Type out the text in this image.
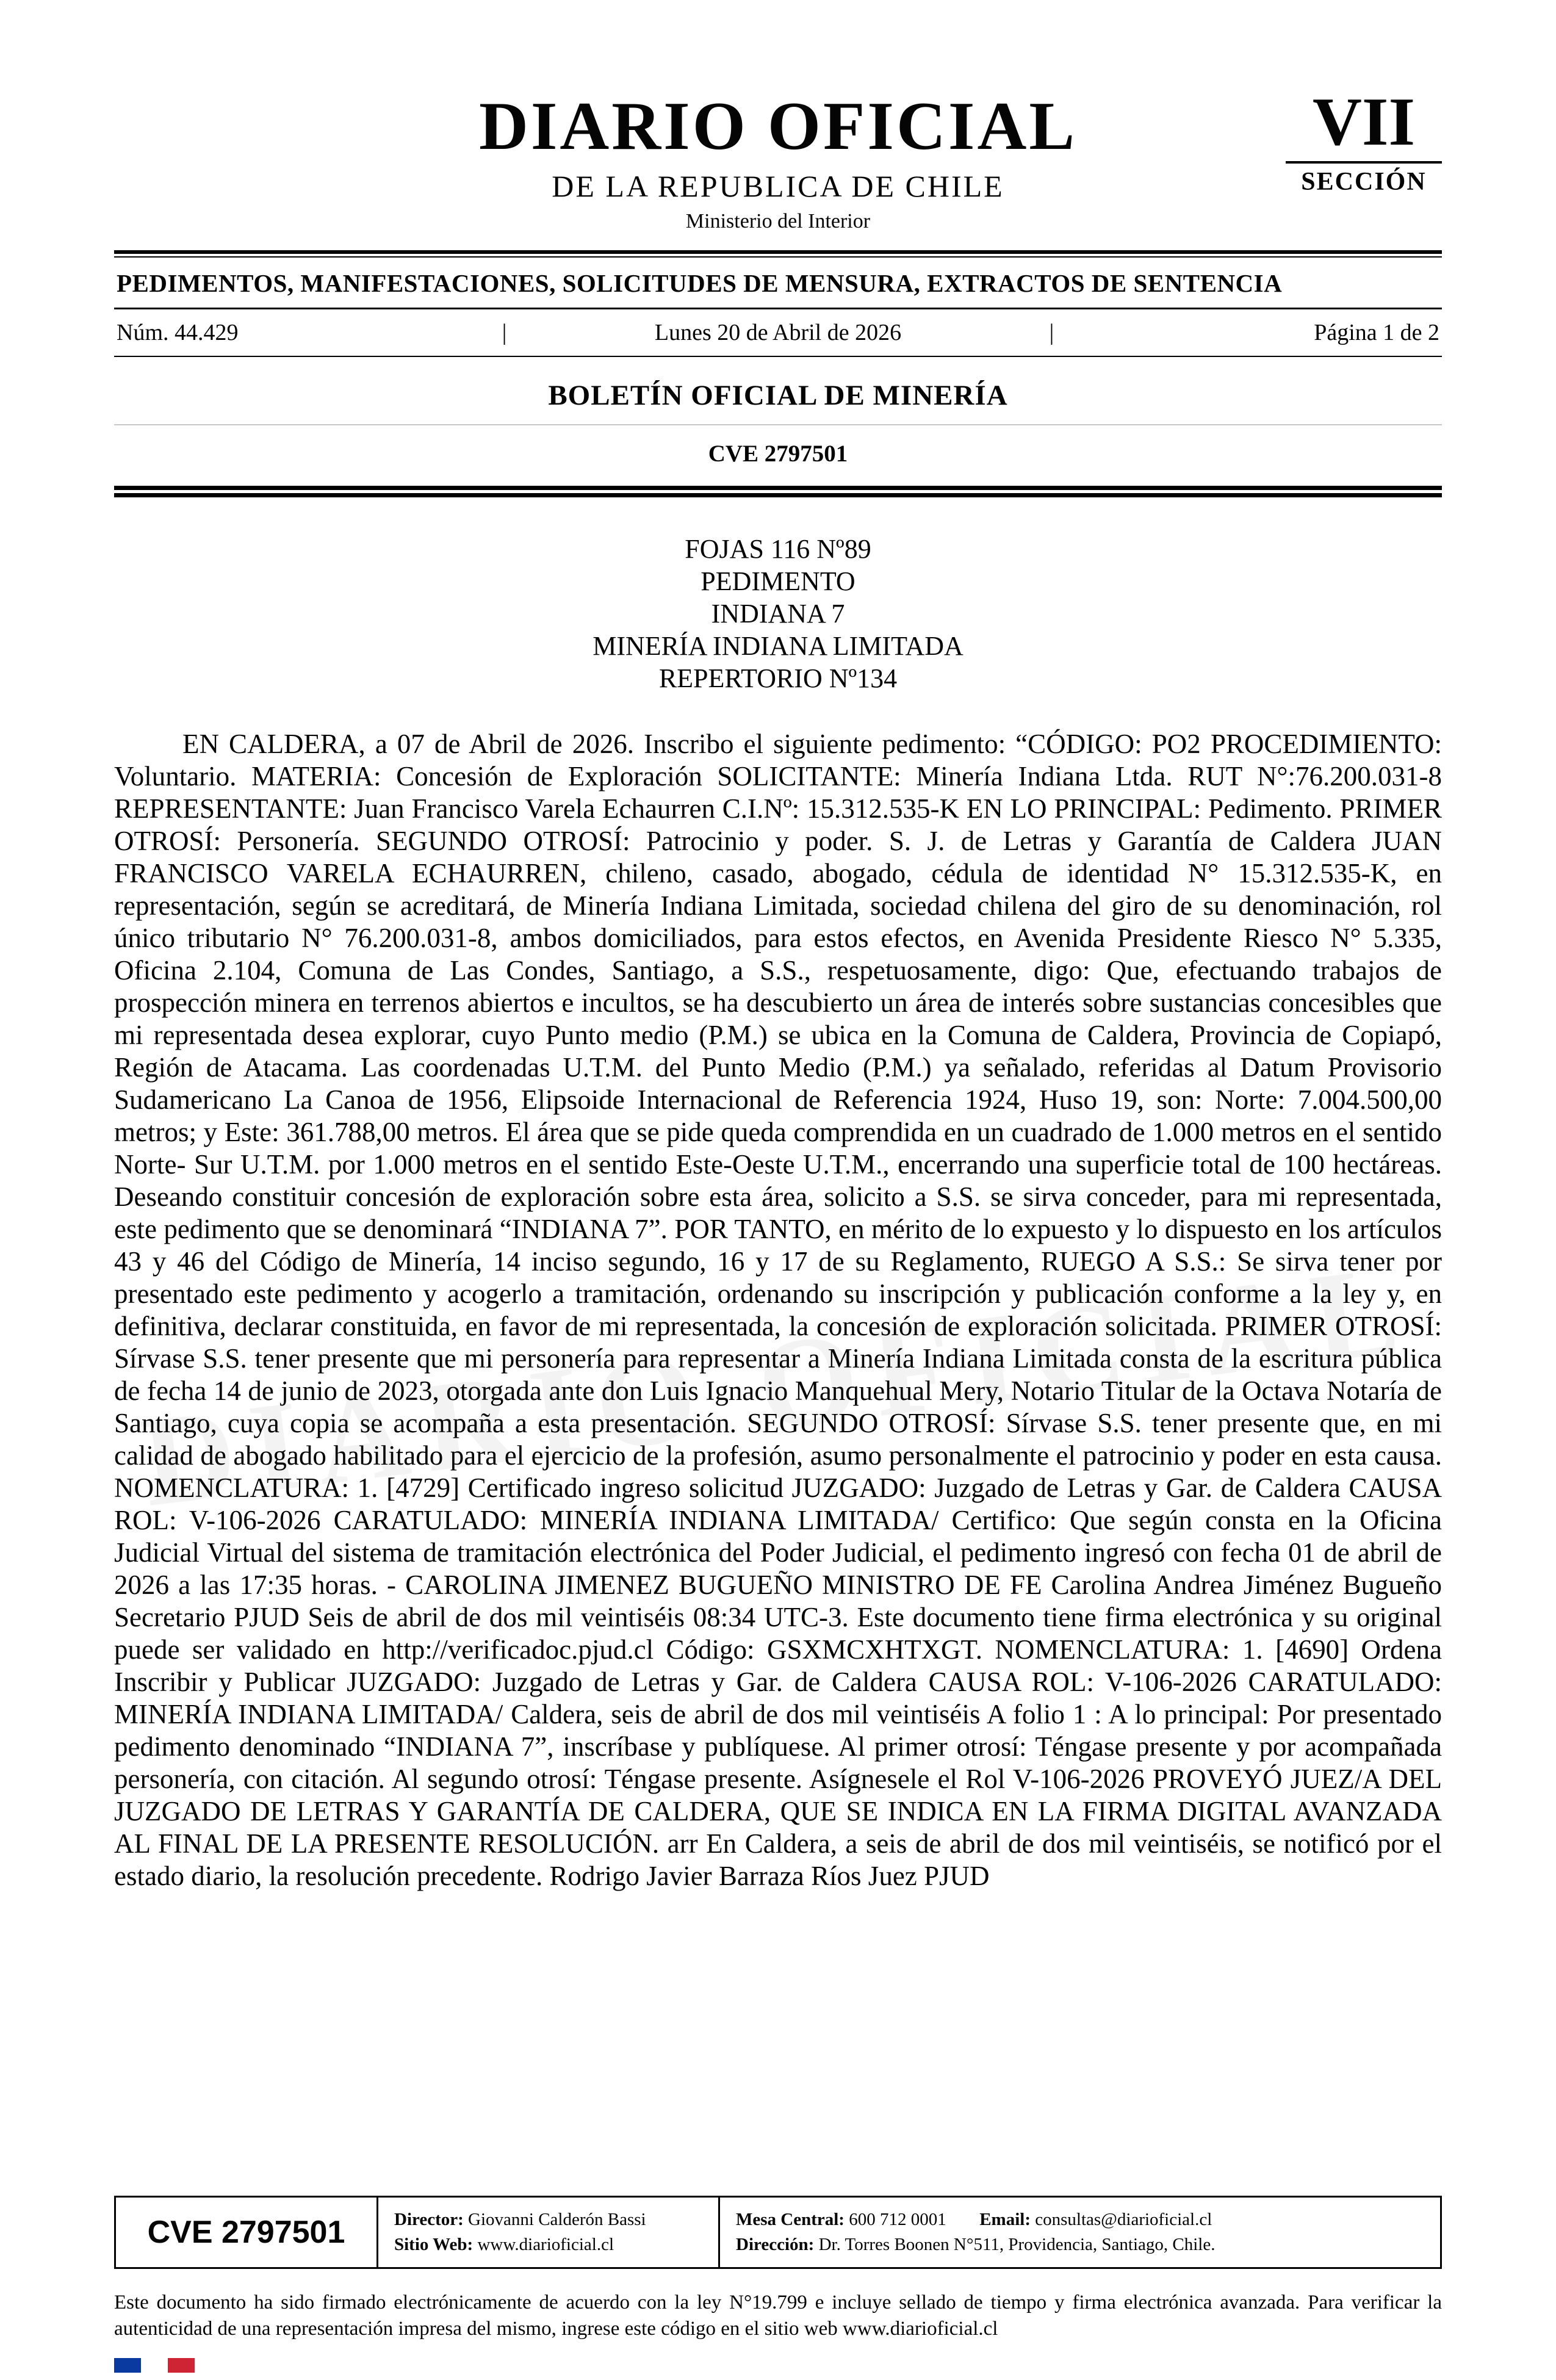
DIARIO OFICIAL
DE LA REPUBLICA DE CHILE
Ministerio del Interior
VII
SECCIÓN
PEDIMENTOS, MANIFESTACIONES, SOLICITUDES DE MENSURA, EXTRACTOS DE SENTENCIA
Núm. 44.429	|	Lunes 20 de Abril de 2026	|	Página 1 de 2
BOLETÍN OFICIAL DE MINERÍA
CVE 2797501
FOJAS 116 Nº89
PEDIMENTO
INDIANA 7
MINERÍA INDIANA LIMITADA
REPERTORIO Nº134

EN CALDERA, a 07 de Abril de 2026. Inscribo el siguiente pedimento: “CÓDIGO: PO2 PROCEDIMIENTO: Voluntario. MATERIA: Concesión de Exploración SOLICITANTE: Minería Indiana Ltda. RUT N°:76.200.031-8 REPRESENTANTE: Juan Francisco Varela Echaurren C.I.Nº: 15.312.535-K EN LO PRINCIPAL: Pedimento. PRIMER OTROSÍ: Personería. SEGUNDO OTROSÍ: Patrocinio y poder. S. J. de Letras y Garantía de Caldera JUAN FRANCISCO VARELA ECHAURREN, chileno, casado, abogado, cédula de identidad N° 15.312.535-K, en representación, según se acreditará, de Minería Indiana Limitada, sociedad chilena del giro de su denominación, rol único tributario N° 76.200.031-8, ambos domiciliados, para estos efectos, en Avenida Presidente Riesco N° 5.335, Oficina 2.104, Comuna de Las Condes, Santiago, a S.S., respetuosamente, digo: Que, efectuando trabajos de prospección minera en terrenos abiertos e incultos, se ha descubierto un área de interés sobre sustancias concesibles que mi representada desea explorar, cuyo Punto medio (P.M.) se ubica en la Comuna de Caldera, Provincia de Copiapó, Región de Atacama. Las coordenadas U.T.M. del Punto Medio (P.M.) ya señalado, referidas al Datum Provisorio Sudamericano La Canoa de 1956, Elipsoide Internacional de Referencia 1924, Huso 19, son: Norte: 7.004.500,00 metros; y Este: 361.788,00 metros. El área que se pide queda comprendida en un cuadrado de 1.000 metros en el sentido Norte- Sur U.T.M. por 1.000 metros en el sentido Este-Oeste U.T.M., encerrando una superficie total de 100 hectáreas. Deseando constituir concesión de exploración sobre esta área, solicito a S.S. se sirva conceder, para mi representada, este pedimento que se denominará “INDIANA 7”. POR TANTO, en mérito de lo expuesto y lo dispuesto en los artículos 43 y 46 del Código de Minería, 14 inciso segundo, 16 y 17 de su Reglamento, RUEGO A S.S.: Se sirva tener por presentado este pedimento y acogerlo a tramitación, ordenando su inscripción y publicación conforme a la ley y, en definitiva, declarar constituida, en favor de mi representada, la concesión de exploración solicitada. PRIMER OTROSÍ: Sírvase S.S. tener presente que mi personería para representar a Minería Indiana Limitada consta de la escritura pública de fecha 14 de junio de 2023, otorgada ante don Luis Ignacio Manquehual Mery, Notario Titular de la Octava Notaría de Santiago, cuya copia se acompaña a esta presentación. SEGUNDO OTROSÍ: Sírvase S.S. tener presente que, en mi calidad de abogado habilitado para el ejercicio de la profesión, asumo personalmente el patrocinio y poder en esta causa. NOMENCLATURA: 1. [4729] Certificado ingreso solicitud JUZGADO: Juzgado de Letras y Gar. de Caldera CAUSA ROL: V-106-2026 CARATULADO: MINERÍA INDIANA LIMITADA/ Certifico: Que según consta en la Oficina Judicial Virtual del sistema de tramitación electrónica del Poder Judicial, el pedimento ingresó con fecha 01 de abril de 2026 a las 17:35 horas. - CAROLINA JIMENEZ BUGUEÑO MINISTRO DE FE Carolina Andrea Jiménez Bugueño Secretario PJUD Seis de abril de dos mil veintiséis 08:34 UTC-3. Este documento tiene firma electrónica y su original puede ser validado en http://verificadoc.pjud.cl Código: GSXMCXHTXGT. NOMENCLATURA: 1. [4690] Ordena Inscribir y Publicar JUZGADO: Juzgado de Letras y Gar. de Caldera CAUSA ROL: V-106-2026 CARATULADO: MINERÍA INDIANA LIMITADA/ Caldera, seis de abril de dos mil veintiséis A folio 1 : A lo principal: Por presentado pedimento denominado “INDIANA 7”, inscríbase y publíquese. Al primer otrosí: Téngase presente y por acompañada personería, con citación. Al segundo otrosí: Téngase presente. Asígnesele el Rol V-106-2026 PROVEYÓ JUEZ/A DEL JUZGADO DE LETRAS Y GARANTÍA DE CALDERA, QUE SE INDICA EN LA FIRMA DIGITAL AVANZADA AL FINAL DE LA PRESENTE RESOLUCIÓN. arr En Caldera, a seis de abril de dos mil veintiséis, se notificó por el estado diario, la resolución precedente. Rodrigo Javier Barraza Ríos Juez PJUD

CVE 2797501	Director: Giovanni Calderón Bassi
Sitio Web: www.diarioficial.cl
Mesa Central: 600 712 0001 Email: consultas@diarioficial.cl
Dirección: Dr. Torres Boonen N°511, Providencia, Santiago, Chile.
Este documento ha sido firmado electrónicamente de acuerdo con la ley N°19.799 e incluye sellado de tiempo y firma electrónica avanzada. Para verificar la autenticidad de una representación impresa del mismo, ingrese este código en el sitio web www.diarioficial.cl
